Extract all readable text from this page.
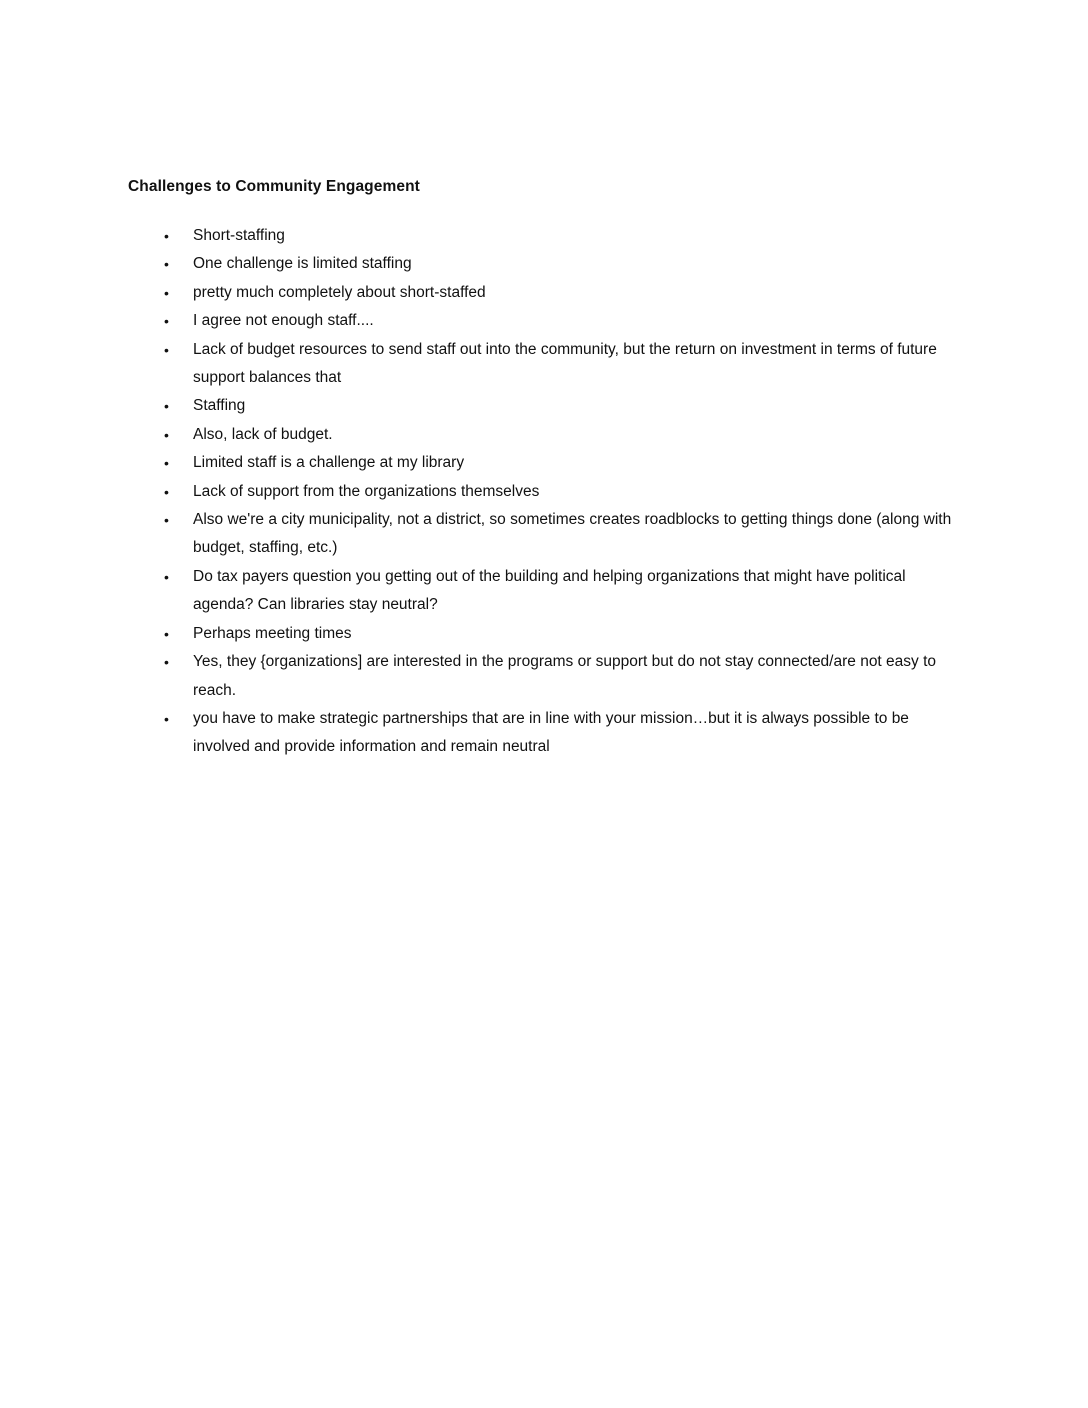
Challenges to Community Engagement
• Short-staffing
• One challenge is limited staffing
• pretty much completely about short-staffed
• I agree not enough staff....
• Lack of budget resources to send staff out into the community, but the return on investment in terms of future support balances that
• Staffing
• Also, lack of budget.
• Limited staff is a challenge at my library
• Lack of support from the organizations themselves
• Also we're a city municipality, not a district, so sometimes creates roadblocks to getting things done (along with budget, staffing, etc.)
• Do tax payers question you getting out of the building and helping organizations that might have political agenda? Can libraries stay neutral?
• Perhaps meeting times
• Yes, they {organizations] are interested in the programs or support but do not stay connected/are not easy to reach.
• you have to make strategic partnerships that are in line with your mission…but it is always possible to be involved and provide information and remain neutral
